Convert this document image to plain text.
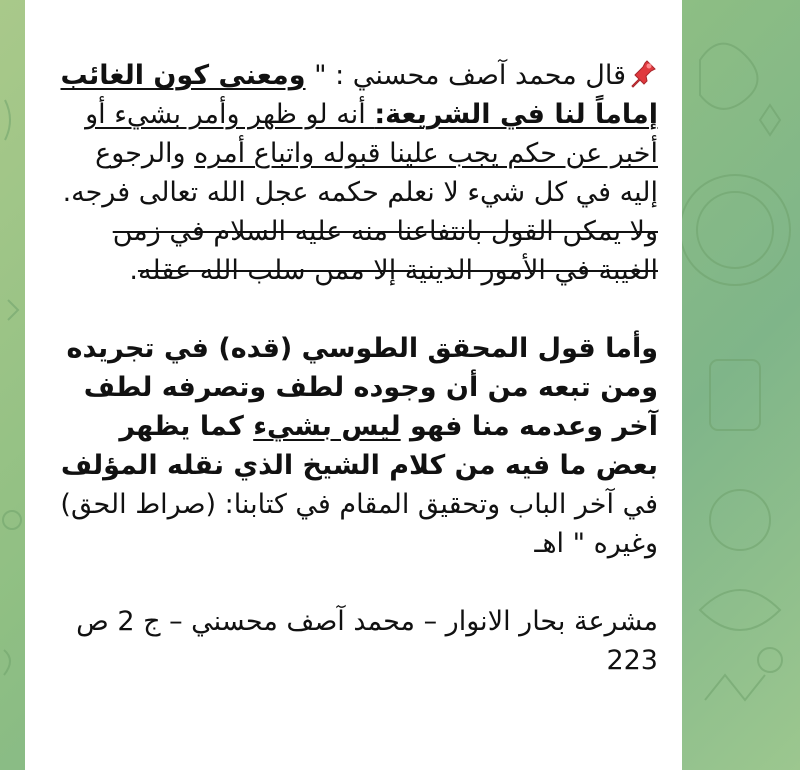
قال محمد آصف محسني : " ومعنى كون الغائب إماماً لنا في الشريعة: أنه لو ظهر وأمر بشيء أو أخبر عن حكم يجب علينا قبوله واتباع أمره والرجوع إليه في كل شيء لا نعلم حكمه عجل الله تعالى فرجه.

ولا يمكن القول بانتفاعنا منه عليه السلام في زمن الغيبة في الأمور الدينية إلا ممن سلب الله عقله.

وأما قول المحقق الطوسي (قده) في تجريده ومن تبعه من أن وجوده لطف وتصرفه لطف آخر وعدمه منا فهو ليس بشيء كما يظهر بعض ما فيه من كلام الشيخ الذي نقله المؤلف في آخر الباب وتحقيق المقام في كتابنا: (صراط الحق) وغيره " اهـ

مشرعة بحار الانوار – محمد آصف محسني – ج 2 ص 223
